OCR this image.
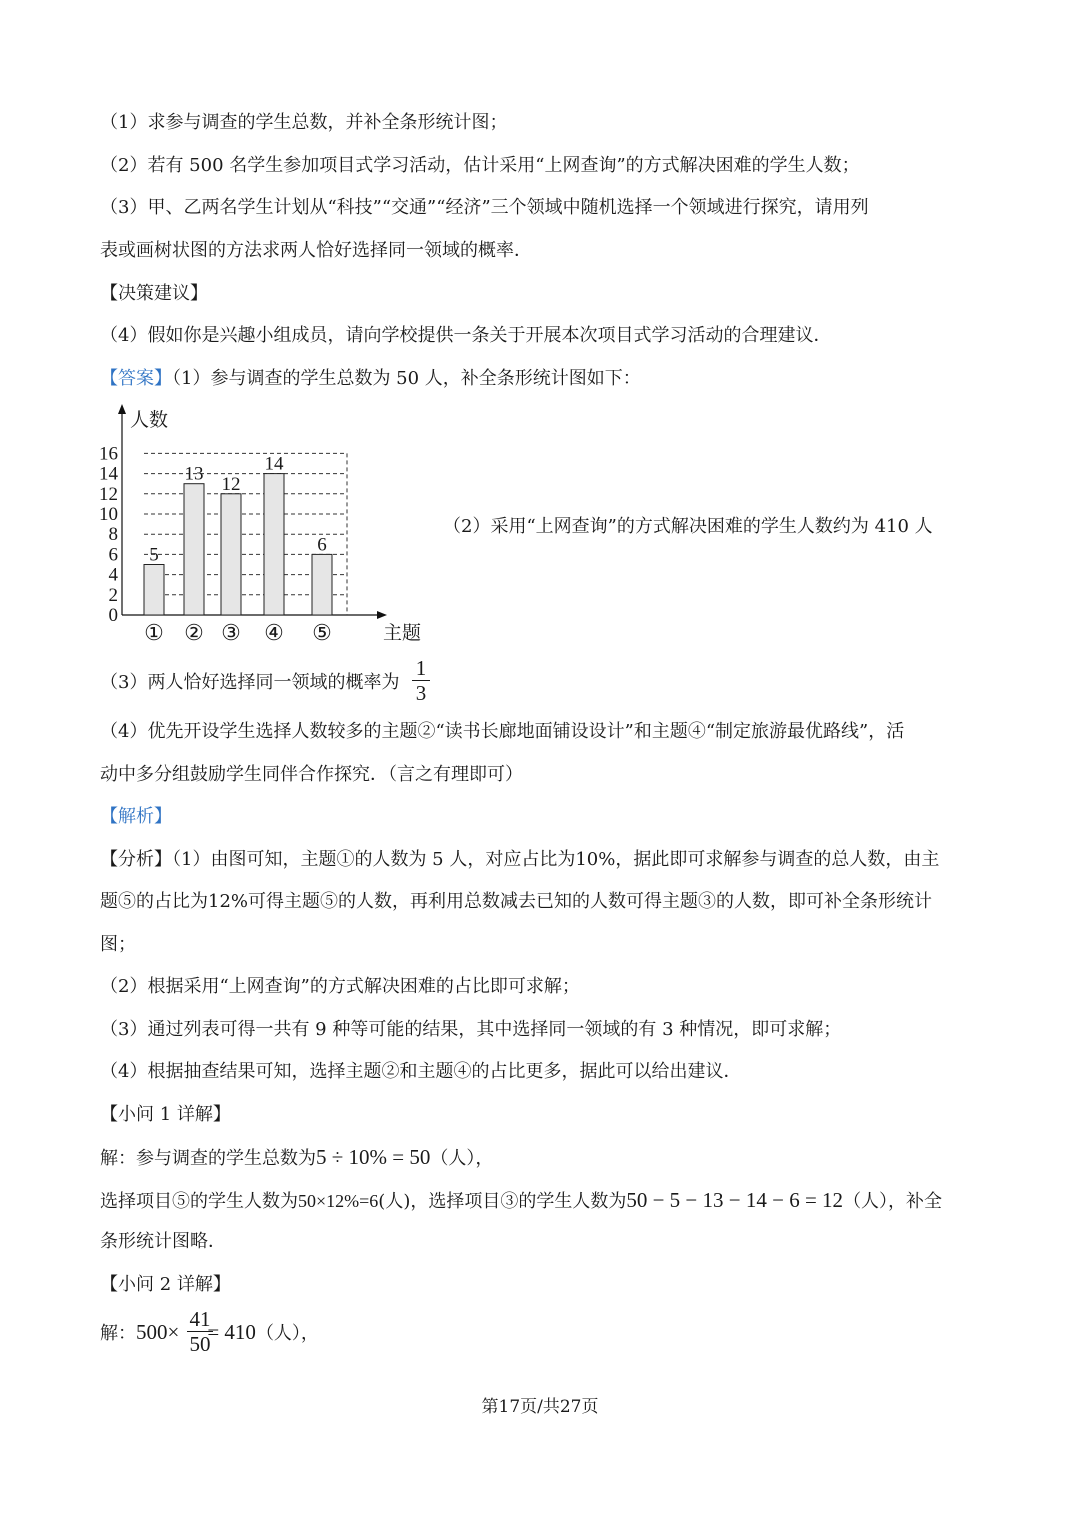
（1）求参与调查的学生总数，并补全条形统计图；
（2）若有 500 名学生参加项目式学习活动，估计采用“上网查询”的方式解决困难的学生人数；
（3）甲、乙两名学生计划从“科技”“交通”“经济”三个领域中随机选择一个领域进行探究，请用列
表或画树状图的方法求两人恰好选择同一领域的概率．
【决策建议】
（4）假如你是兴趣小组成员，请向学校提供一条关于开展本次项目式学习活动的合理建议．
【答案】（1）参与调查的学生总数为 50 人，补全条形统计图如下：
人数
主题
0
2
4
6
8
10
12
14
16
5
①
13
②
12
③
14
④
6
⑤
（2）采用“上网查询”的方式解决困难的学生人数约为 410 人
（3）两人恰好选择同一领域的概率为
1
3
（4）优先开设学生选择人数较多的主题②“读书长廊地面铺设设计”和主题④“制定旅游最优路线”，活
动中多分组鼓励学生同伴合作探究．（言之有理即可）
【解析】
【分析】（1）由图可知，主题①的人数为 5 人，对应占比为10%，据此即可求解参与调查的总人数，由主
题⑤的占比为12%可得主题⑤的人数，再利用总数减去已知的人数可得主题③的人数，即可补全条形统计
图；
（2）根据采用“上网查询”的方式解决困难的占比即可求解；
（3）通过列表可得一共有 9 种等可能的结果，其中选择同一领域的有 3 种情况，即可求解；
（4）根据抽查结果可知，选择主题②和主题④的占比更多，据此可以给出建议．
【小问 1 详解】
解：参与调查的学生总数为5 ÷ 10% = 50（人），
选择项目⑤的学生人数为50×12%=6(人)，选择项目③的学生人数为50 − 5 − 13 − 14 − 6 = 12（人），补全
条形统计图略．
【小问 2 详解】
解：500× = 410（人），
41
50
第17页/共27页
